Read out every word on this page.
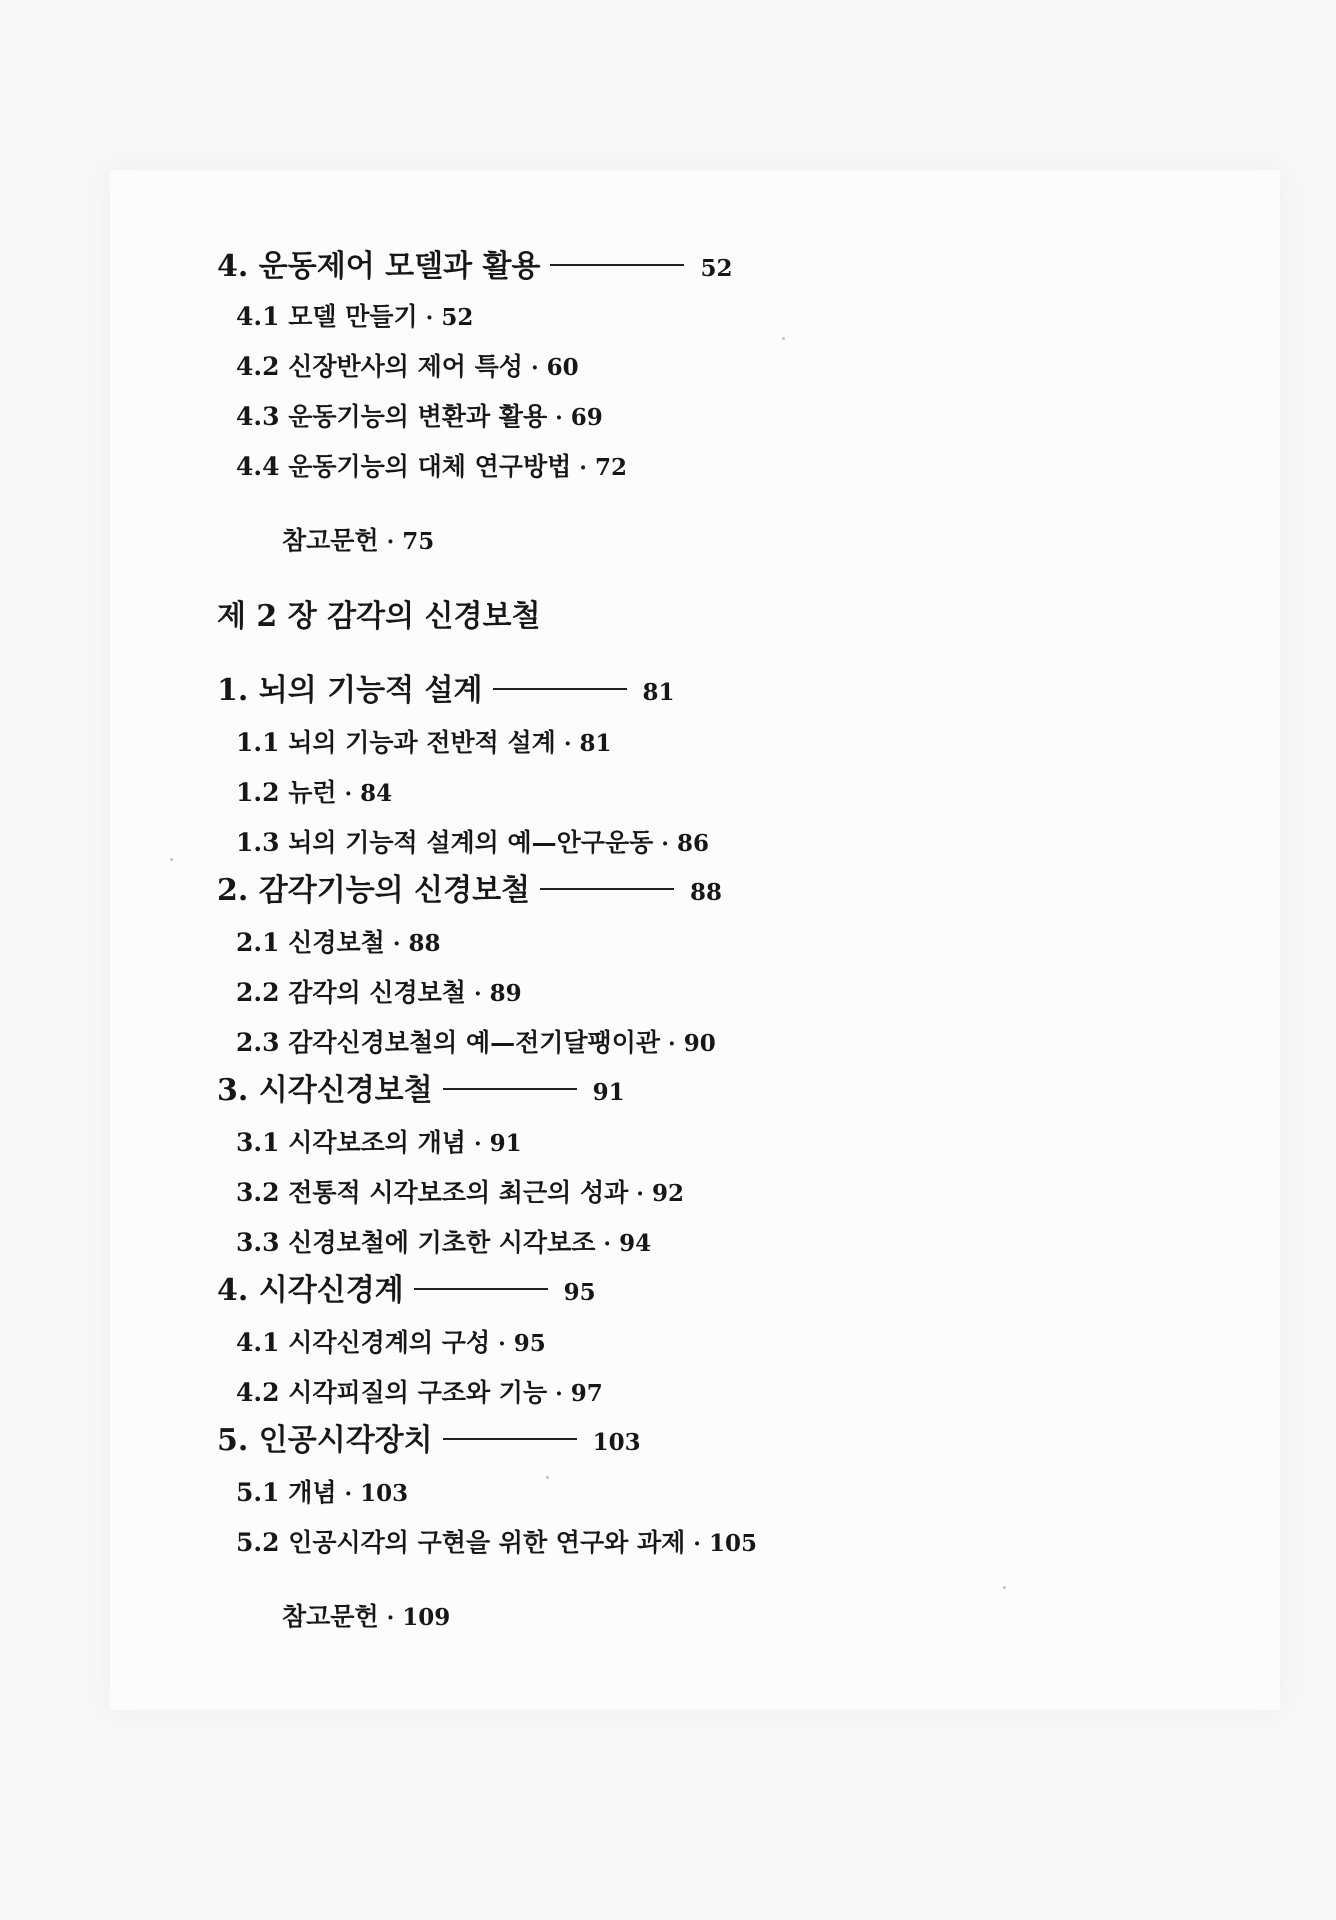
4. 운동제어 모델과 활용	52
4.1 모델 만들기 · 52
4.2 신장반사의 제어 특성 · 60
4.3 운동기능의 변환과 활용 · 69
4.4 운동기능의 대체 연구방법 · 72
참고문헌 · 75
제 2 장 감각의 신경보철
1. 뇌의 기능적 설계	81
1.1 뇌의 기능과 전반적 설계 · 81
1.2 뉴런 · 84
1.3 뇌의 기능적 설계의 예—안구운동 · 86
2. 감각기능의 신경보철	88
2.1 신경보철 · 88
2.2 감각의 신경보철 · 89
2.3 감각신경보철의 예—전기달팽이관 · 90
3. 시각신경보철	91
3.1 시각보조의 개념 · 91
3.2 전통적 시각보조의 최근의 성과 · 92
3.3 신경보철에 기초한 시각보조 · 94
4. 시각신경계	95
4.1 시각신경계의 구성 · 95
4.2 시각피질의 구조와 기능 · 97
5. 인공시각장치	103
5.1 개념 · 103
5.2 인공시각의 구현을 위한 연구와 과제 · 105
참고문헌 · 109
